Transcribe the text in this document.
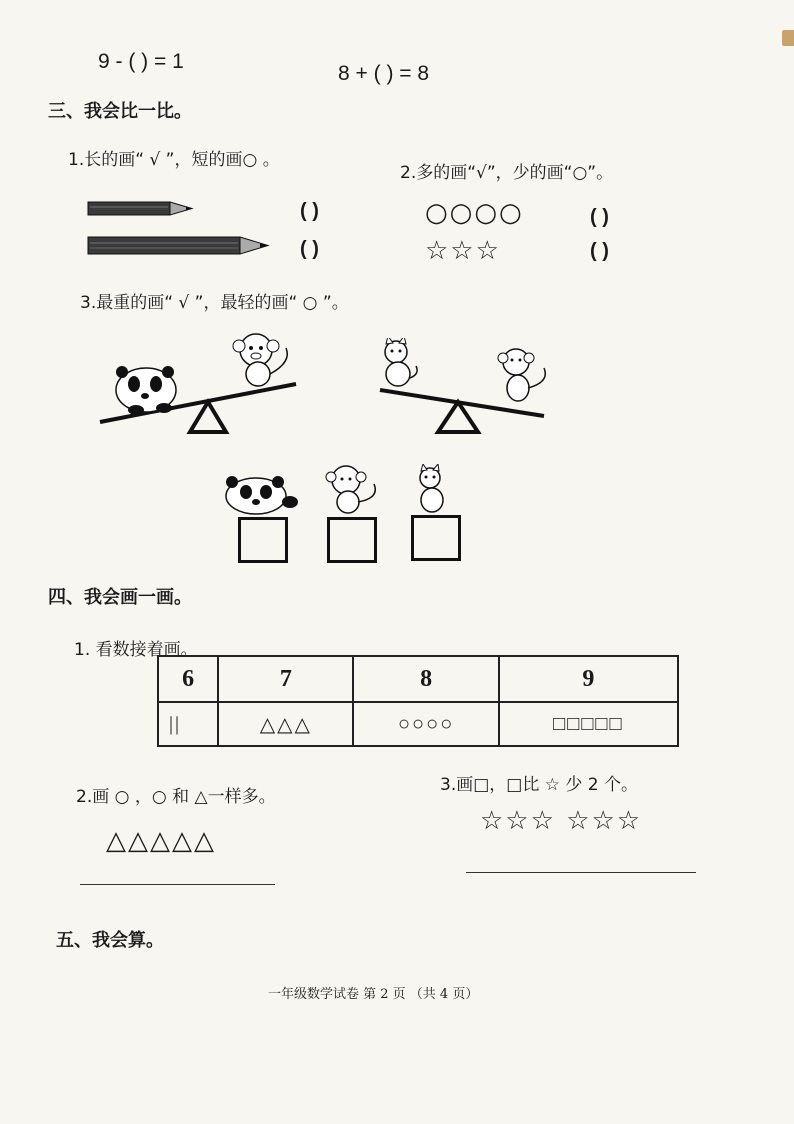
9 - ( ) = 1
8 + ( ) = 8
三、我会比一比。
1.长的画“ √ ”，短的画○ 。
2.多的画“√”，少的画“○”。
( )
( )
○○○○
☆☆☆
( )
( )
3.最重的画“ √ ”，最轻的画“ ○ ”。
四、我会画一画。
1. 看数接着画。
6	7	8	9
||	△△△	○○○○	□□□□□
2.画 ○ ，○ 和 △一样多。
3.画□，□比 ☆ 少 2 个。
△△△△△
☆☆☆ ☆☆☆
五、我会算。
一年级数学试卷 第 2 页 （共 4 页）
